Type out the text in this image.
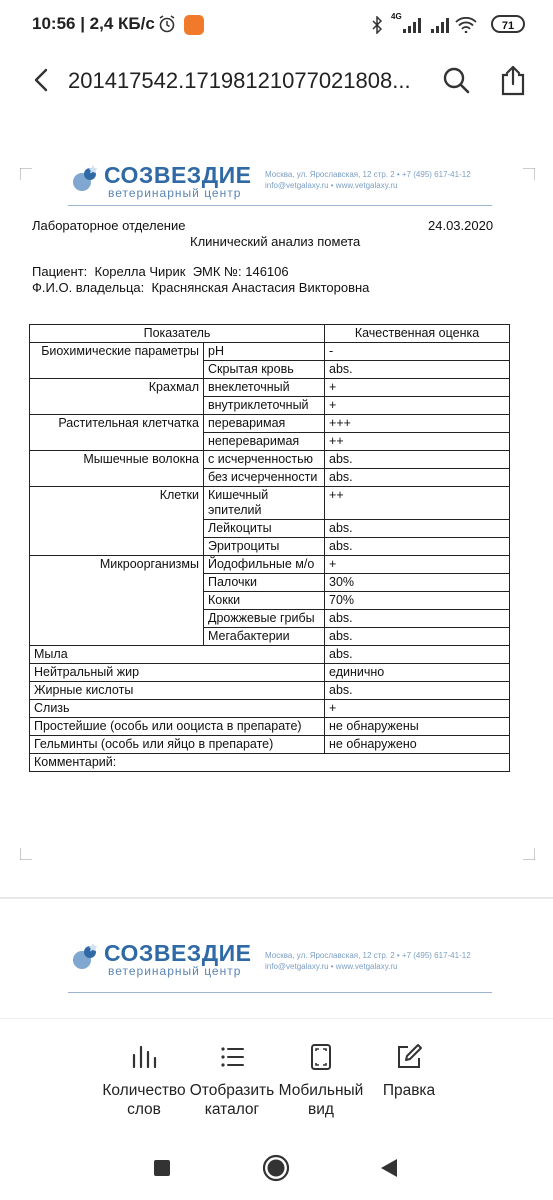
10:56 | 2,4 КБ/с	4G
71
201417542.17198121077021808...
СОЗВЕЗДИЕ
ветеринарный центр
Москва, ул. Ярославская, 12 стр. 2 • +7 (495) 617-41-12
info@vetgalaxy.ru • www.vetgalaxy.ru
Лабораторное отделение	24.03.2020
Клинический анализ помета
Пациент: Корелла Чирик ЭМК №: 146106
Ф.И.О. владельца: Краснянская Анастасия Викторовна
Показатель		Качественная оценка
Биохимические параметры	pH	-
	Скрытая кровь	abs.
Крахмал	внеклеточный	+
	внутриклеточный	+
Растительная клетчатка	переваримая	+++
	непереваримая	++
Мышечные волокна	с исчерченностью	abs.
	без исчерченности	abs.
Клетки	Кишечный эпителий	++
	Лейкоциты	abs.
	Эритроциты	abs.
Микроорганизмы	Йодофильные м/о	+
	Палочки	30%
	Кокки	70%
	Дрожжевые грибы	abs.
	Мегабактерии	abs.
Мыла		abs.
Нейтральный жир		единично
Жирные кислоты		abs.
Слизь		+
Простейшие (особь или ооциста в препарате)		не обнаружены
Гельминты (особь или яйцо в препарате)		не обнаружено
Комментарий:		
СОЗВЕЗДИЕ
ветеринарный центр
Москва, ул. Ярославская, 12 стр. 2 • +7 (495) 617-41-12
info@vetgalaxy.ru • www.vetgalaxy.ru
Количество слов
Отобразить каталог
Мобильный вид
Правка
